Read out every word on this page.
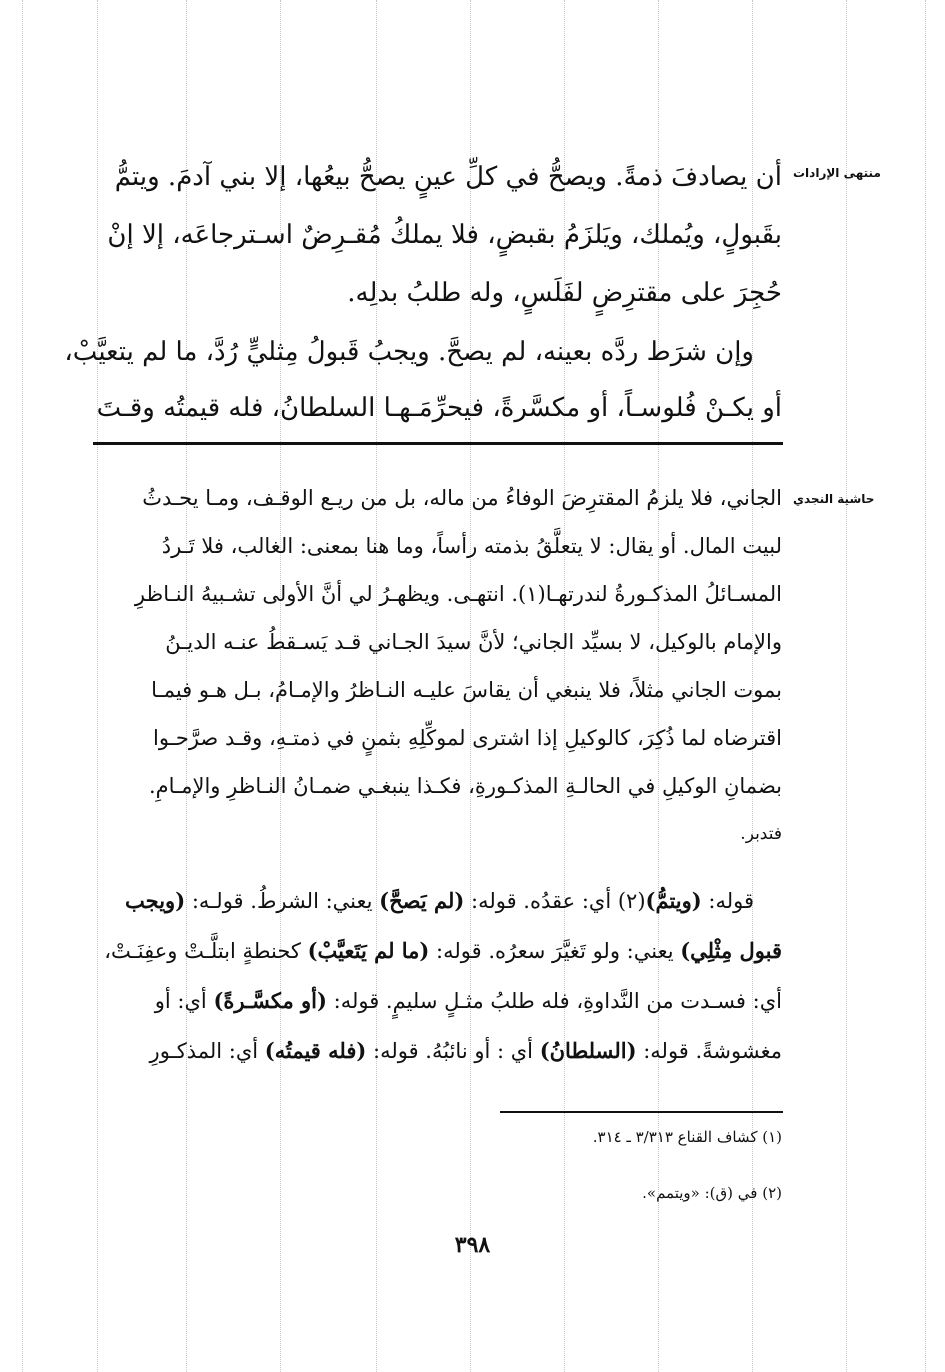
منتهى الإرادات
حاشية النجدي
أن يصادفَ ذمةً. ويصحُّ في كلِّ عينٍ يصحُّ بيعُها، إلا بني آدمَ. ويتمُّ
بقَبولٍ، ويُملك، ويَلزَمُ بقبضٍ، فلا يملكُ مُقـرِضٌ اسـترجاعَه، إلا إنْ
حُجِرَ على مقترِضٍ لفَلَسٍ، وله طلبُ بدلِه.
وإن شرَط ردَّه بعينه، لم يصحَّ. ويجبُ قَبولُ مِثليٍّ رُدَّ، ما لم يتعيَّبْ،
أو يكـنْ فُلوسـاً، أو مكسَّرةً، فيحرِّمَـهـا السلطانُ، فله قيمتُه وقـتَ
الجاني، فلا يلزمُ المقترِضَ الوفاءُ من ماله، بل من ريـع الوقـف، ومـا يحـدثُ
لبيت المال. أو يقال: لا يتعلَّقُ بذمته رأساً، وما هنا بمعنى: الغالب، فلا تَـردُ
المسـائلُ المذكـورةُ لندرتهـا(١). انتهـى. ويظهـرُ لي أنَّ الأولى تشـبيهُ النـاظرِ
والإمام بالوكيل، لا بسيِّد الجاني؛ لأنَّ سيدَ الجـاني قـد يَسـقطُ عنـه الديـنُ
بموت الجاني مثلاً، فلا ينبغي أن يقاسَ عليـه النـاظرُ والإمـامُ، بـل هـو فيمـا
اقترضاه لما ذُكِرَ، كالوكيلِ إذا اشترى لموكِّلِهِ بثمنٍ في ذمتـهِ، وقـد صرَّحـوا
بضمانِ الوكيلِ في الحالـةِ المذكـورةِ، فكـذا ينبغـي ضمـانُ النـاظرِ والإمـامِ.
فتدبر.
قوله: (ويتمُّ)(٢) أي: عقدُه. قوله: (لم يَصحَّ) يعني: الشرطُ. قولـه: (ويجب
قبول مِثْلِي) يعني: ولو تَغيَّرَ سعرُه. قوله: (ما لم يَتَعيَّبْ) كحنطةٍ ابتلَّـتْ وعفِنَـتْ،
أي: فسـدت من النَّداوةِ، فله طلبُ مثـلٍ سليمٍ. قوله: (أو مكسَّـرةً) أي: أو
مغشوشةً. قوله: (السلطانُ) أي : أو نائبُهُ. قوله: (فله قيمتُه) أي: المذكـورِ
(١) كشاف القناع ٣/٣١٣ ـ ٣١٤.
(٢) في (ق): «ويتمم».
٣٩٨
